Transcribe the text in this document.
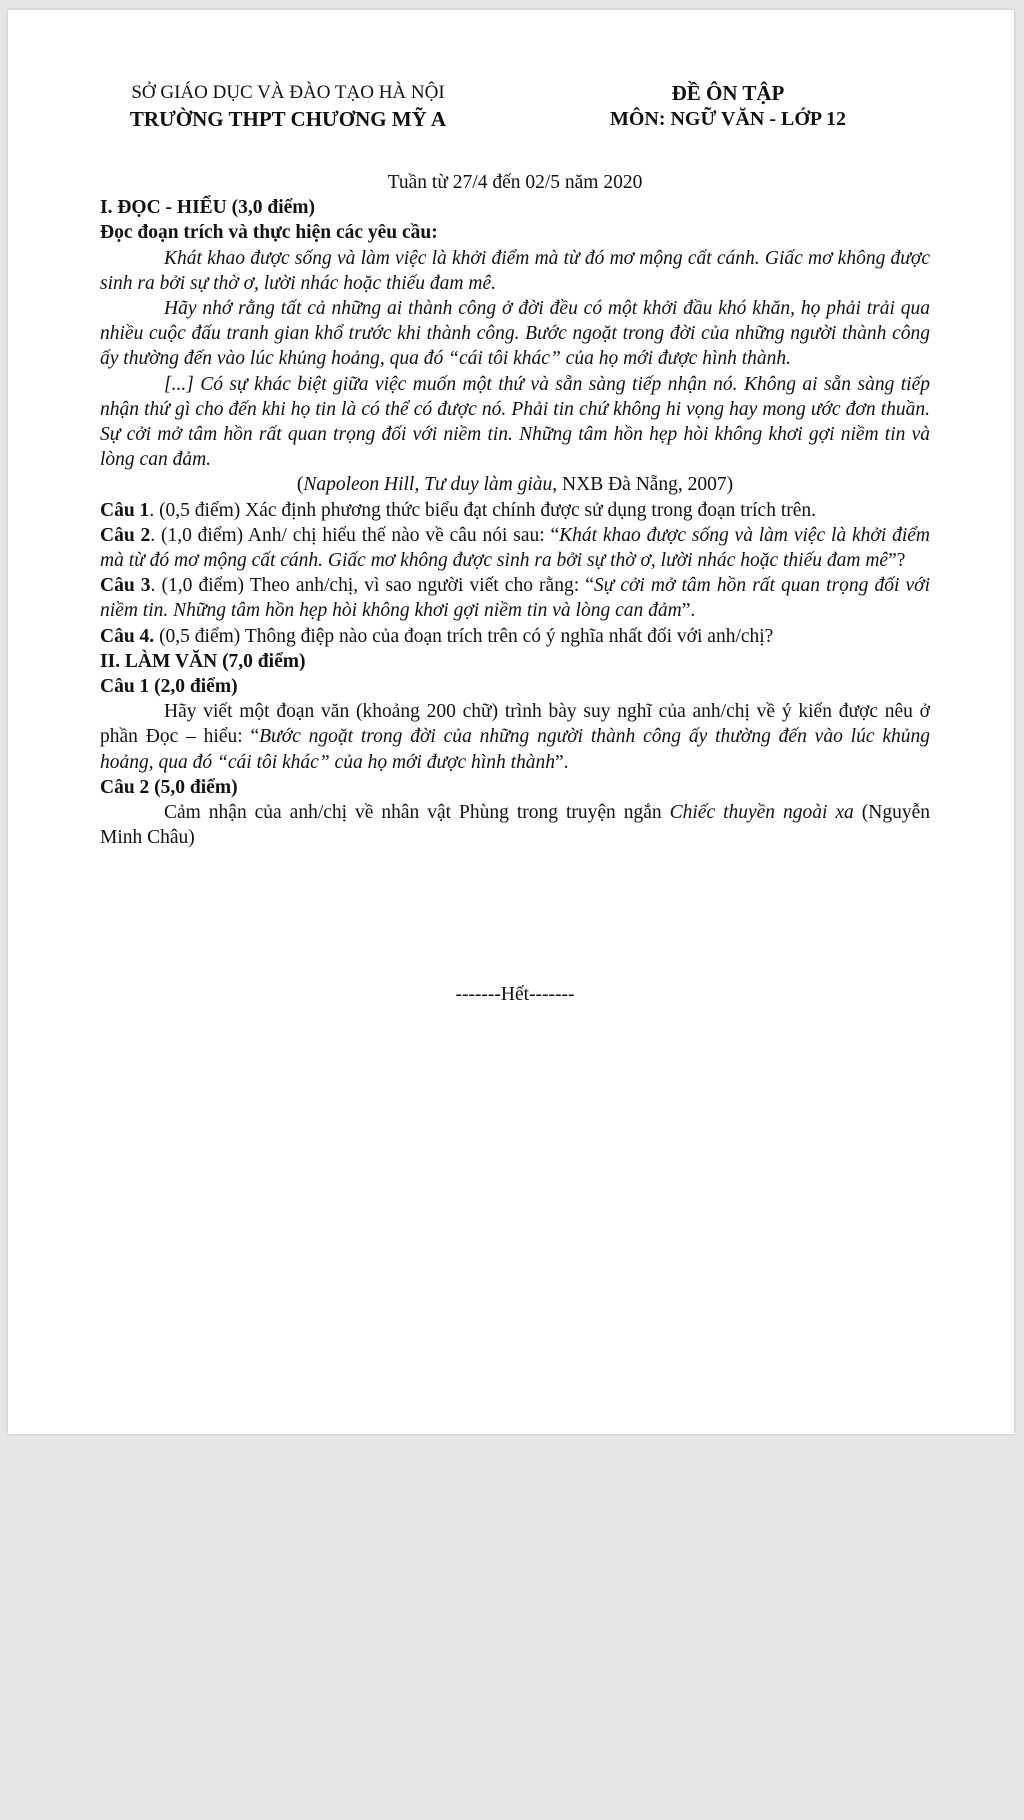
SỞ GIÁO DỤC VÀ ĐÀO TẠO HÀ NỘI
TRƯỜNG THPT CHƯƠNG MỸ A
ĐỀ ÔN TẬP
MÔN: NGỮ VĂN - LỚP 12

Tuần từ 27/4 đến 02/5 năm 2020

I. ĐỌC - HIỂU (3,0 điểm)

Đọc đoạn trích và thực hiện các yêu cầu:

Khát khao được sống và làm việc là khởi điểm mà từ đó mơ mộng cất cánh. Giấc mơ không được sinh ra bởi sự thờ ơ, lười nhác hoặc thiếu đam mê.

Hãy nhớ rằng tất cả những ai thành công ở đời đều có một khởi đầu khó khăn, họ phải trải qua nhiều cuộc đấu tranh gian khổ trước khi thành công. Bước ngoặt trong đời của những người thành công ấy thường đến vào lúc khủng hoảng, qua đó “cái tôi khác” của họ mới được hình thành.

[...] Có sự khác biệt giữa việc muốn một thứ và sẵn sàng tiếp nhận nó. Không ai sẵn sàng tiếp nhận thứ gì cho đến khi họ tin là có thể có được nó. Phải tin chứ không hi vọng hay mong ước đơn thuần. Sự cởi mở tâm hồn rất quan trọng đối với niềm tin. Những tâm hồn hẹp hòi không khơi gợi niềm tin và lòng can đảm.

(Napoleon Hill, Tư duy làm giàu, NXB Đà Nẵng, 2007)

Câu 1. (0,5 điểm) Xác định phương thức biểu đạt chính được sử dụng trong đoạn trích trên.

Câu 2. (1,0 điểm) Anh/ chị hiểu thế nào về câu nói sau: “Khát khao được sống và làm việc là khởi điểm mà từ đó mơ mộng cất cánh. Giấc mơ không được sinh ra bởi sự thờ ơ, lười nhác hoặc thiếu đam mê”?

Câu 3. (1,0 điểm) Theo anh/chị, vì sao người viết cho rằng: “Sự cởi mở tâm hồn rất quan trọng đối với niềm tin. Những tâm hồn hẹp hòi không khơi gợi niềm tin và lòng can đảm”.

Câu 4. (0,5 điểm) Thông điệp nào của đoạn trích trên có ý nghĩa nhất đối với anh/chị?

II. LÀM VĂN (7,0 điểm)

Câu 1 (2,0 điểm)

Hãy viết một đoạn văn (khoảng 200 chữ) trình bày suy nghĩ của anh/chị về ý kiến được nêu ở phần Đọc – hiểu: “Bước ngoặt trong đời của những người thành công ấy thường đến vào lúc khủng hoảng, qua đó “cái tôi khác” của họ mới được hình thành”.

Câu 2 (5,0 điểm)

Cảm nhận của anh/chị về nhân vật Phùng trong truyện ngắn Chiếc thuyền ngoài xa (Nguyễn Minh Châu)

-------Hết-------
